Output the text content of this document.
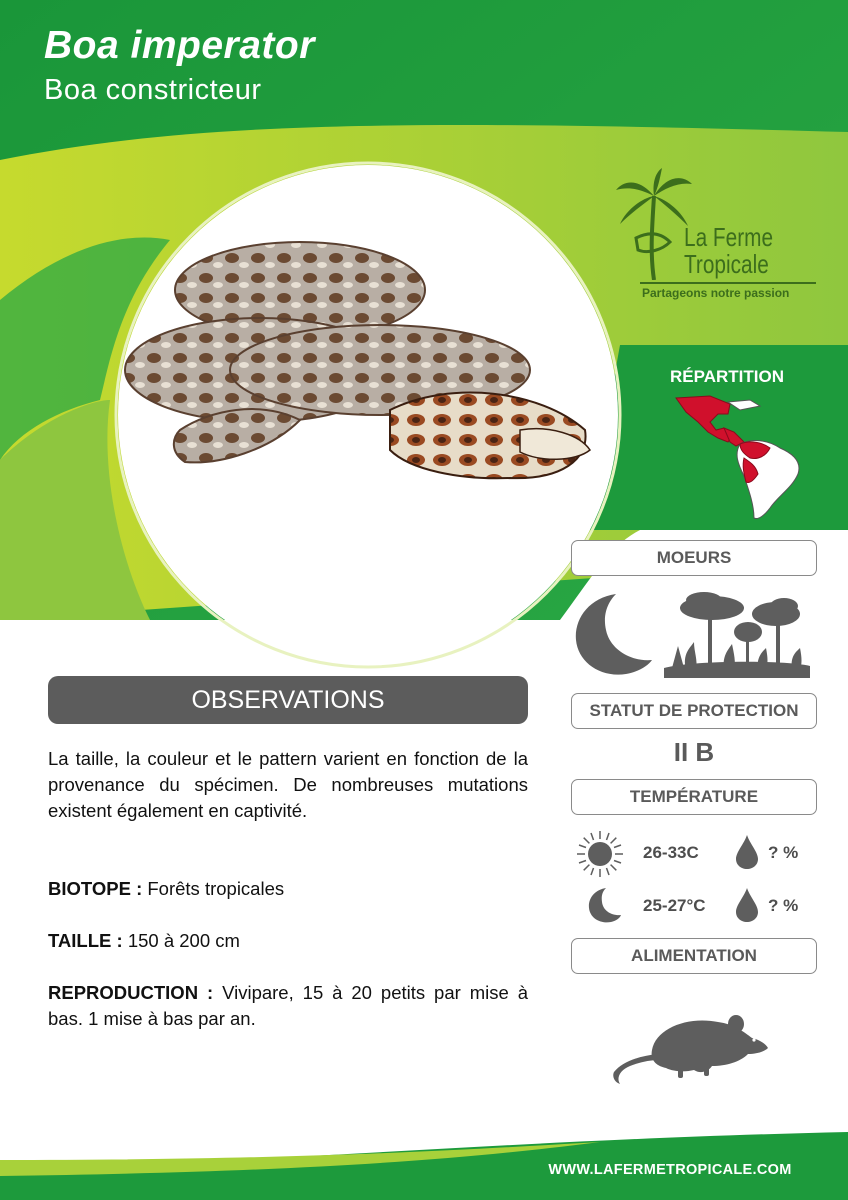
Boa imperator
Boa constricteur
La Ferme
Tropicale
Partageons notre passion
RÉPARTITION
OBSERVATIONS
La taille, la couleur et le pattern varient en fonction de la provenance du spécimen. De nombreuses mutations existent également en captivité.
BIOTOPE : Forêts tropicales
TAILLE : 150 à 200 cm
REPRODUCTION : Vivipare, 15 à 20 petits par mise à bas. 1 mise à bas par an.
MOEURS
STATUT DE PROTECTION
II B
TEMPÉRATURE
26-33C	? %
25-27°C	? %
ALIMENTATION
WWW.LAFERMETROPICALE.COM
